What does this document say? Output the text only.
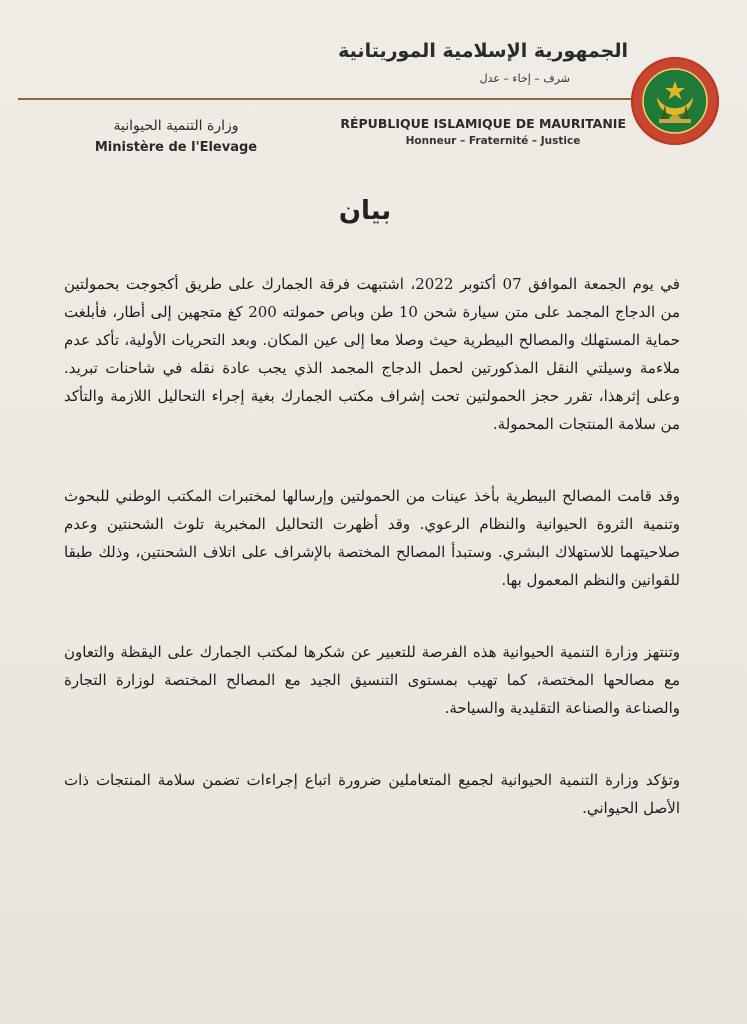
الجمهورية الإسلامية الموريتانية
شرف – إخاء – عدل
RÉPUBLIQUE ISLAMIQUE DE MAURITANIE
Honneur – Fraternité – Justice
وزارة التنمية الحيوانية
Ministère de l'Elevage
بيان

في يوم الجمعة الموافق 07 أكتوبر 2022، اشتبهت فرقة الجمارك على طريق أكجوجت بحمولتين من الدجاج المجمد على متن سيارة شحن 10 طن وباص حمولته 200 كغ متجهين إلى أطار، فأبلغت حماية المستهلك والمصالح البيطرية حيث وصلا معا إلى عين المكان. وبعد التحريات الأولية، تأكد عدم ملاءمة وسيلتي النقل المذكورتين لحمل الدجاج المجمد الذي يجب عادة نقله في شاحنات تبريد. وعلى إثرهذا، تقرر حجز الحمولتين تحت إشراف مكتب الجمارك بغية إجراء التحاليل اللازمة والتأكد من سلامة المنتجات المحمولة.

وقد قامت المصالح البيطرية بأخذ عينات من الحمولتين وإرسالها لمختبرات المكتب الوطني للبحوث وتنمية الثروة الحيوانية والنظام الرعوي. وقد أظهرت التحاليل المخبرية تلوث الشحنتين وعدم صلاحيتهما للاستهلاك البشري. وستبدأ المصالح المختصة بالإشراف على اتلاف الشحنتين، وذلك طبقا للقوانين والنظم المعمول بها.

وتنتهز وزارة التنمية الحيوانية هذه الفرصة للتعبير عن شكرها لمكتب الجمارك على اليقظة والتعاون مع مصالحها المختصة، كما تهيب بمستوى التنسيق الجيد مع المصالح المختصة لوزارة التجارة والصناعة والصناعة التقليدية والسياحة.

وتؤكد وزارة التنمية الحيوانية لجميع المتعاملين ضرورة اتباع إجراءات تضمن سلامة المنتجات ذات الأصل الحيواني.
